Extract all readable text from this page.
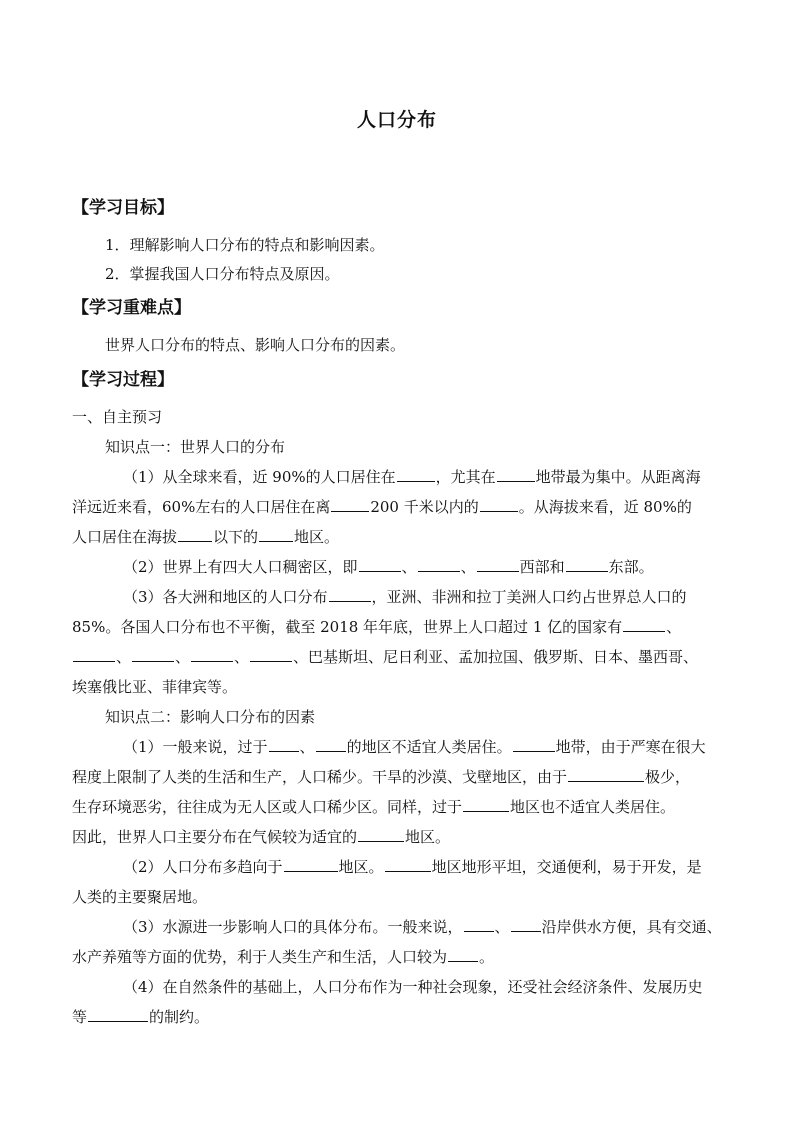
人口分布
【学习目标】
1．理解影响人口分布的特点和影响因素。
2．掌握我国人口分布特点及原因。
【学习重难点】
世界人口分布的特点、影响人口分布的因素。
【学习过程】
一、自主预习
知识点一：世界人口的分布
（1）从全球来看，近 90%的人口居住在	，尤其在	地带最为集中。从距离海
洋远近来看，60%左右的人口居住在离	200 千米以内的	。从海拔来看，近 80%的
人口居住在海拔 以下的 地区。
（2）世界上有四大人口稠密区，即	、	、	西部和	东部。
（3）各大洲和地区的人口分布	，亚洲、非洲和拉丁美洲人口约占世界总人口的
85%。各国人口分布也不平衡，截至 2018 年年底，世界上人口超过 1 亿的国家有	、
、	、	、	、巴基斯坦、尼日利亚、孟加拉国、俄罗斯、日本、墨西哥、
埃塞俄比亚、菲律宾等。
知识点二：影响人口分布的因素
（1）一般来说，过于 、 的地区不适宜人类居住。	地带，由于严寒在很大
程度上限制了人类的生活和生产，人口稀少。干旱的沙漠、戈壁地区，由于	极少，
生存环境恶劣，往往成为无人区或人口稀少区。同样，过于	地区也不适宜人类居住。
因此，世界人口主要分布在气候较为适宜的	地区。
（2）人口分布多趋向于	地区。	地区地形平坦，交通便利，易于开发，是
人类的主要聚居地。
（3）水源进一步影响人口的具体分布。一般来说， 、 沿岸供水方便，具有交通、
水产养殖等方面的优势，利于人类生产和生活，人口较为 。
（4）在自然条件的基础上，人口分布作为一种社会现象，还受社会经济条件、发展历史
等	的制约。
